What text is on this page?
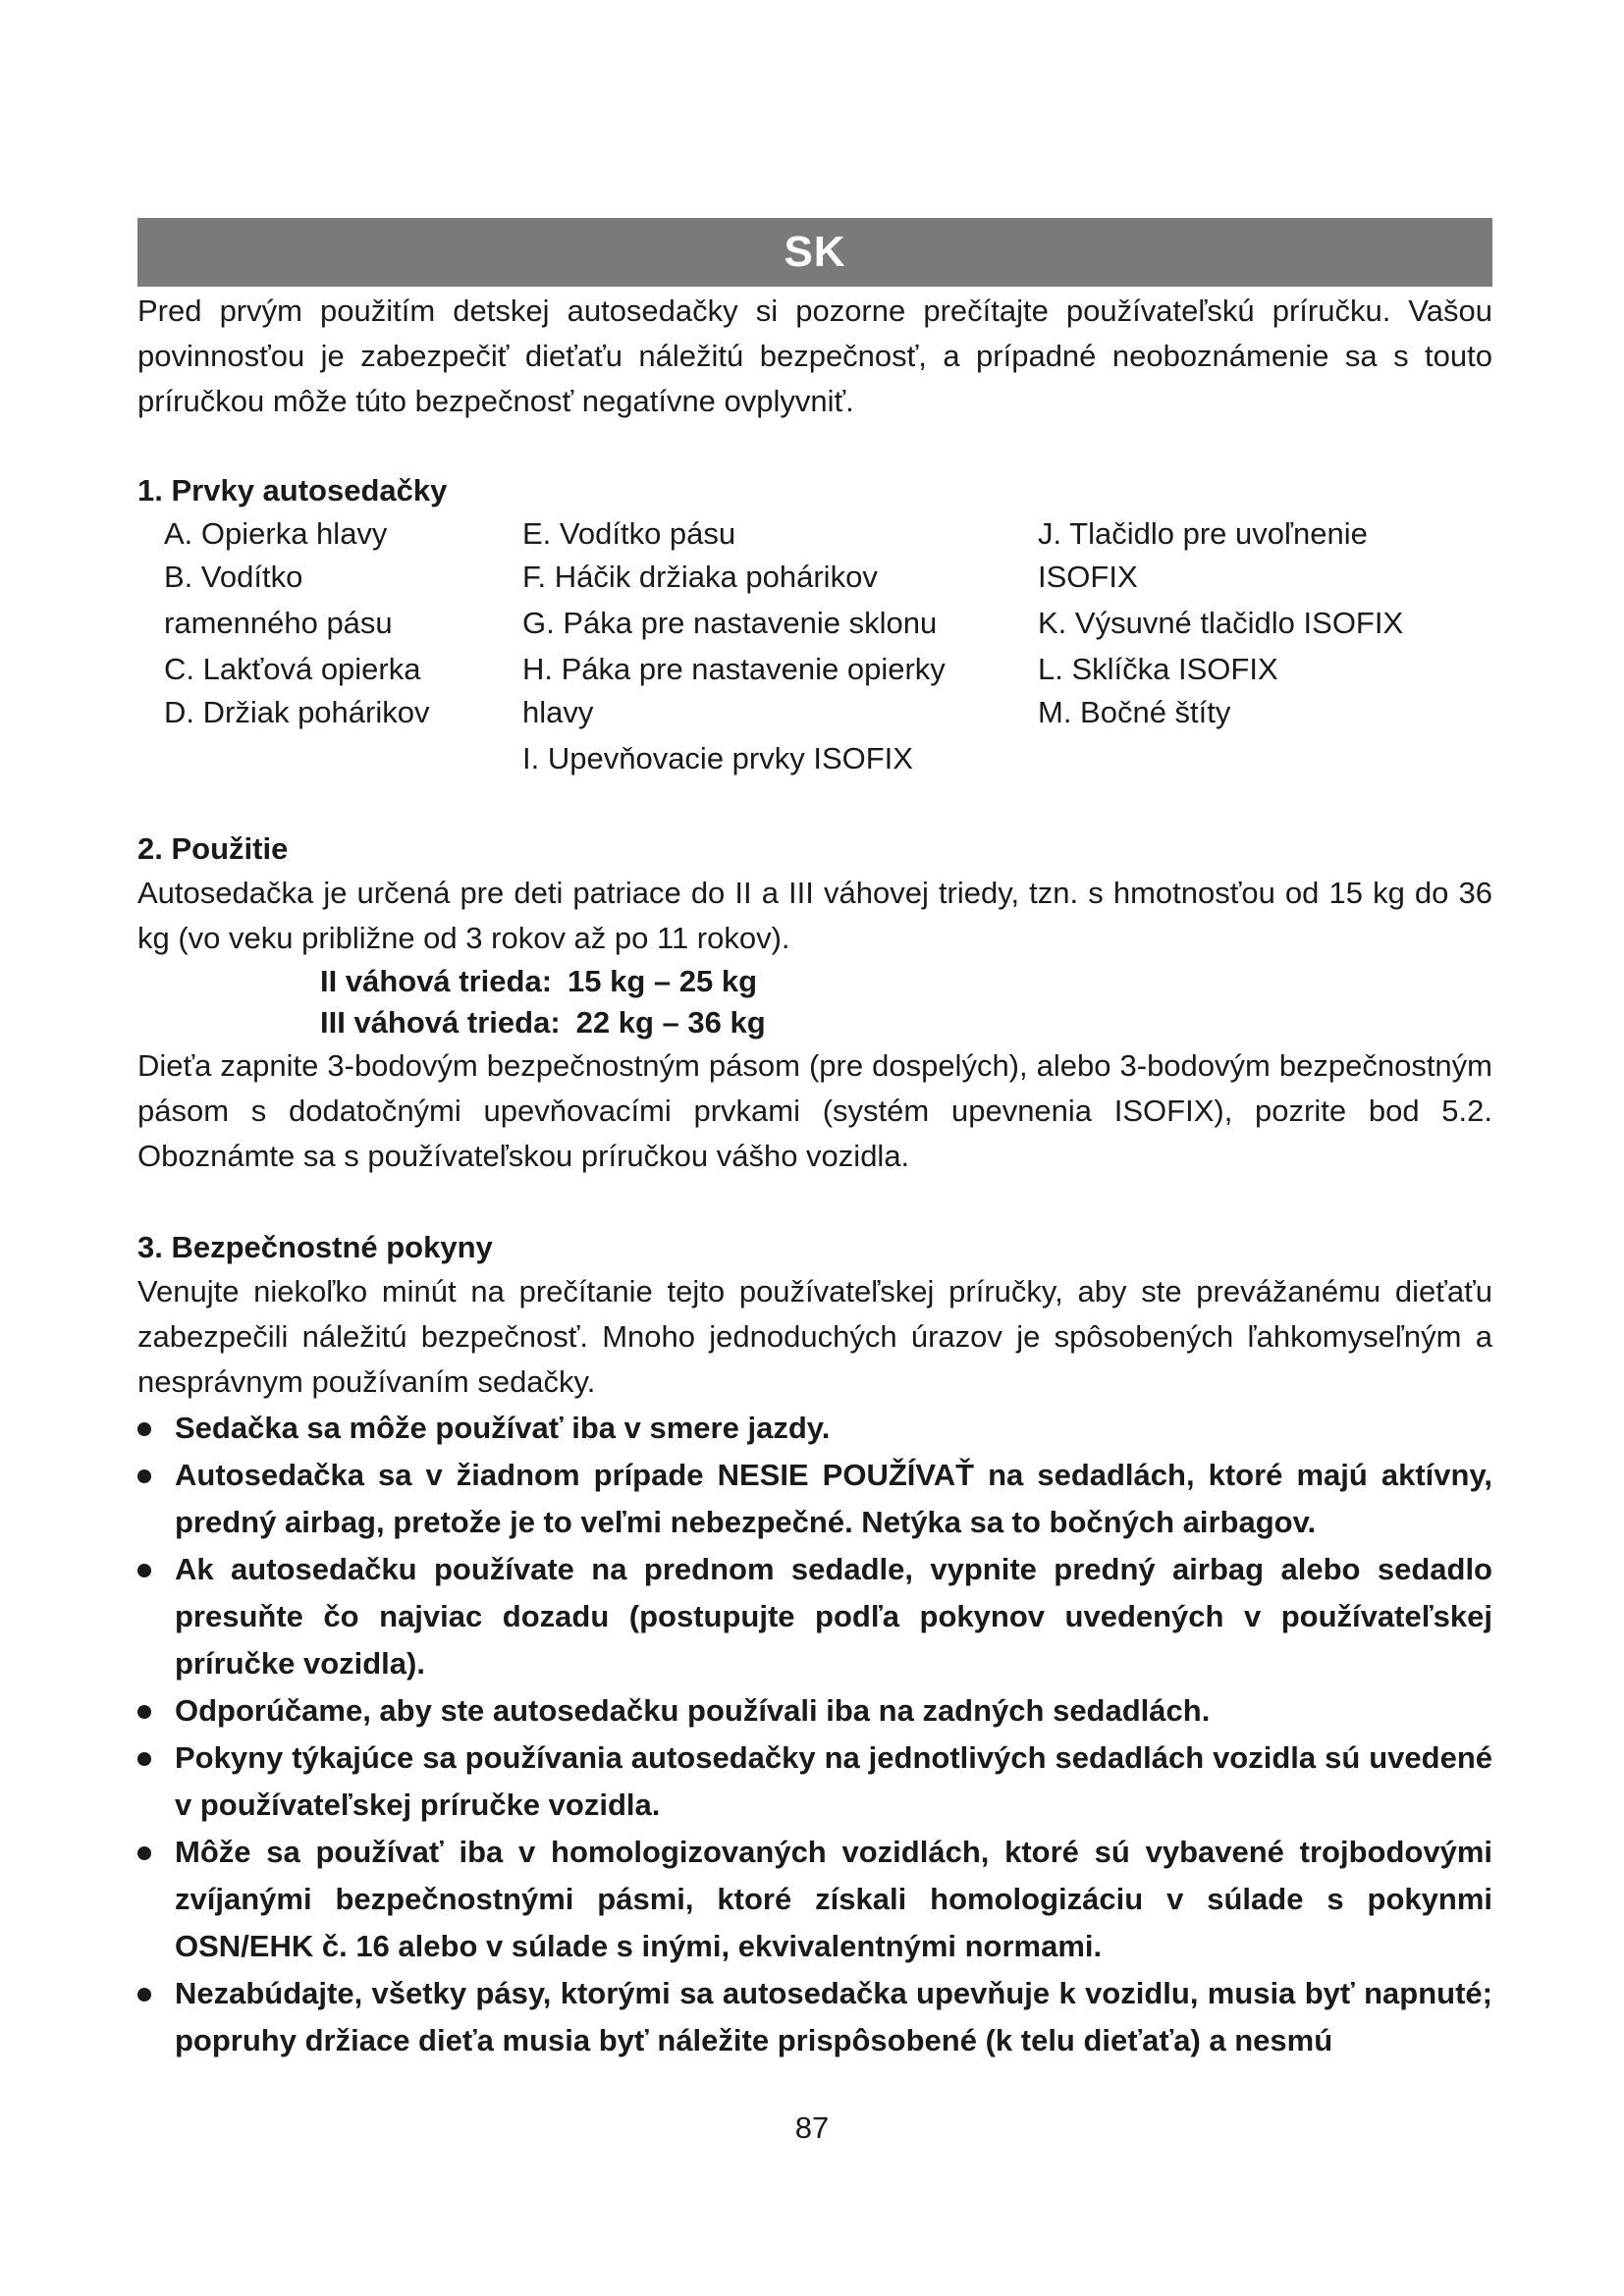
SK

Pred prvým použitím detskej autosedačky si pozorne prečítajte používateľskú príručku. Vašou povinnosťou je zabezpečiť dieťaťu náležitú bezpečnosť, a prípadné neoboznámenie sa s touto príručkou môže túto bezpečnosť negatívne ovplyvniť.

1. Prvky autosedačky

A. Opierka hlavy
B. Vodítko
ramenného pásu
C. Lakťová opierka
D. Držiak pohárikov
E. Vodítko pásu
F. Háčik držiaka pohárikov
G. Páka pre nastavenie sklonu
H. Páka pre nastavenie opierky
hlavy
I. Upevňovacie prvky ISOFIX
J. Tlačidlo pre uvoľnenie
ISOFIX
K. Výsuvné tlačidlo ISOFIX
L. Sklíčka ISOFIX
M. Bočné štíty

2. Použitie

Autosedačka je určená pre deti patriace do II a III váhovej triedy, tzn. s hmotnosťou od 15 kg do 36 kg (vo veku približne od 3 rokov až po 11 rokov).

II váhová trieda: 15 kg – 25 kg
III váhová trieda: 22 kg – 36 kg

Dieťa zapnite 3-bodovým bezpečnostným pásom (pre dospelých), alebo 3-bodovým bezpečnostným pásom s dodatočnými upevňovacími prvkami (systém upevnenia ISOFIX), pozrite bod 5.2. Oboznámte sa s používateľskou príručkou vášho vozidla.

3. Bezpečnostné pokyny

Venujte niekoľko minút na prečítanie tejto používateľskej príručky, aby ste prevážanému dieťaťu zabezpečili náležitú bezpečnosť. Mnoho jednoduchých úrazov je spôsobených ľahkomyseľným a nesprávnym používaním sedačky.

Sedačka sa môže používať iba v smere jazdy.
Autosedačka sa v žiadnom prípade NESIE POUŽÍVAŤ na sedadlách, ktoré majú aktívny, predný airbag, pretože je to veľmi nebezpečné. Netýka sa to bočných airbagov.
Ak autosedačku používate na prednom sedadle, vypnite predný airbag alebo sedadlo presuňte čo najviac dozadu (postupujte podľa pokynov uvedených v používateľskej príručke vozidla).
Odporúčame, aby ste autosedačku používali iba na zadných sedadlách.
Pokyny týkajúce sa používania autosedačky na jednotlivých sedadlách vozidla sú uvedené v používateľskej príručke vozidla.
Môže sa používať iba v homologizovaných vozidlách, ktoré sú vybavené trojbodovými zvíjanými bezpečnostnými pásmi, ktoré získali homologizáciu v súlade s pokynmi OSN/EHK č. 16 alebo v súlade s inými, ekvivalentnými normami.
Nezabúdajte, všetky pásy, ktorými sa autosedačka upevňuje k vozidlu, musia byť napnuté; popruhy držiace dieťa musia byť náležite prispôsobené (k telu dieťaťa) a nesmú
87
